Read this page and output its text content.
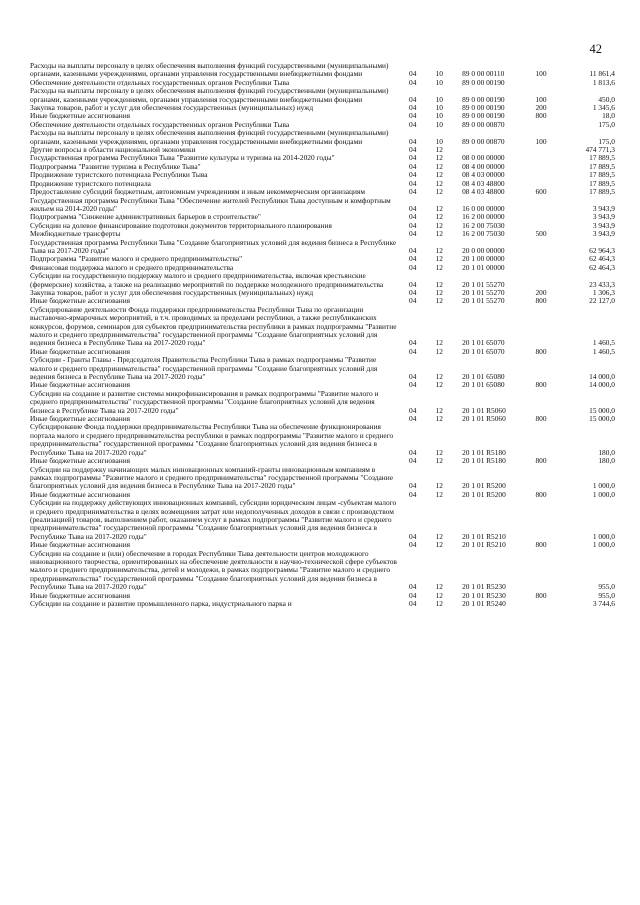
42
Расходы на выплаты персоналу в целях обеспечения выполнения функций государственными (муниципальными) органами, казенными учреждениями, органами управления государственными внебюджетными фондами	04	10	89 0 00 00110	100	11 861,4
Обеспечение деятельности отдельных государственных органов Республики Тыва	04	10	89 0 00 00190		1 813,6
Расходы на выплаты персоналу в целях обеспечения выполнения функций государственными (муниципальными) органами, казенными учреждениями, органами управления государственными внебюджетными фондами	04	10	89 0 00 00190	100	450,0
Закупка товаров, работ и услуг для обеспечения государственных (муниципальных) нужд	04	10	89 0 00 00190	200	1 345,6
Иные бюджетные ассигнования	04	10	89 0 00 00190	800	18,0
Обеспечение деятельности отдельных государственных органов Республики Тыва	04	10	89 0 00 00870		175,0
Расходы на выплаты персоналу в целях обеспечения выполнения функций государственными (муниципальными) органами, казенными учреждениями, органами управления государственными внебюджетными фондами	04	10	89 0 00 00870	100	175,0
Другие вопросы в области национальной экономики	04	12			474 771,3
Государственная программа Республики Тыва "Развитие культуры и туризма на 2014-2020 годы"	04	12	08 0 00 00000		17 889,5
Подпрограмма "Развитие туризма в Республике Тыва"	04	12	08 4 00 00000		17 889,5
Продвижение туристского потенциала Республики Тыва	04	12	08 4 03 00000		17 889,5
Продвижение туристского потенциала	04	12	08 4 03 48800		17 889,5
Предоставление субсидий бюджетным, автономным учреждениям и иным некоммерческим организациям	04	12	08 4 03 48800	600	17 889,5
Государственная программа Республики Тыва "Обеспечение жителей Республики Тыва доступным и комфортным жильем на 2014-2020 годы"	04	12	16 0 00 00000		3 943,9
Подпрограмма "Снижение административных барьеров в строительстве"	04	12	16 2 00 00000		3 943,9
Субсидии на долевое финансирование подготовки документов территориального планирования	04	12	16 2 00 75030		3 943,9
Межбюджетные трансферты	04	12	16 2 00 75030	500	3 943,9
Государственная программа Республики Тыва "Создание благоприятных условий для ведения бизнеса в Республике Тыва на 2017-2020 годы"	04	12	20 0 00 00000		62 964,3
Подпрограмма "Развитие малого и среднего предпринимательства"	04	12	20 1 00 00000		62 464,3
Финансовая поддержка малого и среднего предпринимательства	04	12	20 1 01 00000		62 464,3
Субсидии на государственную поддержку малого и среднего предпринимательства, включая крестьянские (фермерские) хозяйства, а также на реализацию мероприятий по поддержке молодежного предпринимательства	04	12	20 1 01 55270		23 433,3
Закупка товаров, работ и услуг для обеспечения государственных (муниципальных) нужд	04	12	20 1 01 55270	200	1 306,3
Иные бюджетные ассигнования	04	12	20 1 01 55270	800	22 127,0
Субсидирование деятельности Фонда поддержки предпринимательства Республики Тыва по организации выставочно-ярмарочных мероприятий, в т.ч. проводимых за пределами республики, а также республиканских конкурсов, форумов, семинаров для субъектов предпринимательства республики в рамках подпрограммы "Развитие малого и среднего предпринимательства" государственной программы "Создание благоприятных условий для ведения бизнеса в Республике Тыва на 2017-2020 годы"	04	12	20 1 01 65070		1 460,5
Иные бюджетные ассигнования	04	12	20 1 01 65070	800	1 460,5
Субсидии - Гранты Главы - Председателя Правительства Республики Тыва в рамках подпрограммы "Развитие малого и среднего предпринимательства" государственной программы "Создание благоприятных условий для ведения бизнеса в Республике Тыва на 2017-2020 годы"	04	12	20 1 01 65080		14 000,0
Иные бюджетные ассигнования	04	12	20 1 01 65080	800	14 000,0
Субсидии на создание и развитие системы микрофинансирования в рамках подпрограммы "Развитие малого и среднего предпринимательства" государственной программы "Создание благоприятных условий для ведения бизнеса в Республике Тыва на 2017-2020 годы"	04	12	20 1 01 R5060		15 000,0
Иные бюджетные ассигнования	04	12	20 1 01 R5060	800	15 000,0
Субсидирование Фонда поддержки предпринимательства Республики Тыва на обеспечение функционирования портала малого и среднего предпринимательства республики в рамках подпрограммы "Развитие малого и среднего предпринимательства" государственной программы "Создание благоприятных условий для ведения бизнеса в Республике Тыва на 2017-2020 годы"	04	12	20 1 01 R5180		180,0
Иные бюджетные ассигнования	04	12	20 1 01 R5180	800	180,0
Субсидии на поддержку начинающих малых инновационных компаний-гранты инновационным компаниям в рамках подпрограммы "Развитие малого и среднего предпринимательства" государственной программы "Создание благоприятных условий для ведения бизнеса в Республике Тыва на 2017-2020 годы"	04	12	20 1 01 R5200		1 000,0
Иные бюджетные ассигнования	04	12	20 1 01 R5200	800	1 000,0
Субсидии на поддержку действующих инновационных компаний, субсидии юридическим лицам -субъектам малого и среднего предпринимательства в целях возмещения затрат или недополученных доходов в связи с производством (реализацией) товаров, выполнением работ, оказанием услуг в рамках подпрограммы "Развитие малого и среднего предпринимательства" государственной программы "Создание благоприятных условий для ведения бизнеса в Республике Тыва на 2017-2020 годы"	04	12	20 1 01 R5210		1 000,0
Иные бюджетные ассигнования	04	12	20 1 01 R5210	800	1 000,0
Субсидии на создание и (или) обеспечение в городах Республики Тыва деятельности центров молодежного инновационного творчества, ориентированных на обеспечение деятельности в научно-технической сфере субъектов малого и среднего предпринимательства, детей и молодежи, в рамках подпрограммы "Развитие малого и среднего предпринимательства" государственной программы "Создание благоприятных условий для ведения бизнеса в Республике Тыва на 2017-2020 годы"	04	12	20 1 01 R5230		955,0
Иные бюджетные ассигнования	04	12	20 1 01 R5230	800	955,0
Субсидии на создание и развитие промышленного парка, индустриального парка и	04	12	20 1 01 R5240		3 744,6
